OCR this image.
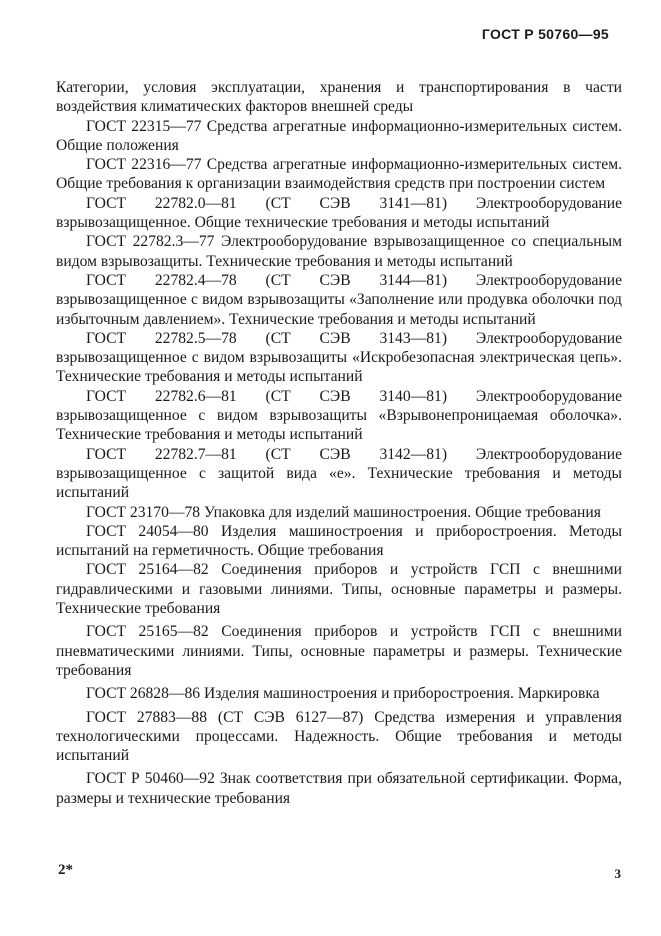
ГОСТ Р 50760—95

Категории, условия эксплуатации, хранения и транспортирования в части воздействия климатических факторов внешней среды

ГОСТ 22315—77 Средства агрегатные информационно-измерительных систем. Общие положения

ГОСТ 22316—77 Средства агрегатные информационно-измерительных систем. Общие требования к организации взаимодействия средств при построении систем

ГОСТ 22782.0—81 (СТ СЭВ 3141—81) Электрооборудование взрывозащищенное. Общие технические требования и методы испытаний

ГОСТ 22782.3—77 Электрооборудование взрывозащищенное со специальным видом взрывозащиты. Технические требования и методы испытаний

ГОСТ 22782.4—78 (СТ СЭВ 3144—81) Электрооборудование взрывозащищенное с видом взрывозащиты «Заполнение или продувка оболочки под избыточным давлением». Технические требования и методы испытаний

ГОСТ 22782.5—78 (СТ СЭВ 3143—81) Электрооборудование взрывозащищенное с видом взрывозащиты «Искробезопасная электрическая цепь». Технические требования и методы испытаний

ГОСТ 22782.6—81 (СТ СЭВ 3140—81) Электрооборудование взрывозащищенное с видом взрывозащиты «Взрывонепроницаемая оболочка». Технические требования и методы испытаний

ГОСТ 22782.7—81 (СТ СЭВ 3142—81) Электрооборудование взрывозащищенное с защитой вида «е». Технические требования и методы испытаний

ГОСТ 23170—78 Упаковка для изделий машиностроения. Общие требования

ГОСТ 24054—80 Изделия машиностроения и приборостроения. Методы испытаний на герметичность. Общие требования

ГОСТ 25164—82 Соединения приборов и устройств ГСП с внешними гидравлическими и газовыми линиями. Типы, основные параметры и размеры. Технические требования

ГОСТ 25165—82 Соединения приборов и устройств ГСП с внешними пневматическими линиями. Типы, основные параметры и размеры. Технические требования

ГОСТ 26828—86 Изделия машиностроения и приборостроения. Маркировка

ГОСТ 27883—88 (СТ СЭВ 6127—87) Средства измерения и управления технологическими процессами. Надежность. Общие требования и методы испытаний

ГОСТ Р 50460—92 Знак соответствия при обязательной сертификации. Форма, размеры и технические требования

2*	3
